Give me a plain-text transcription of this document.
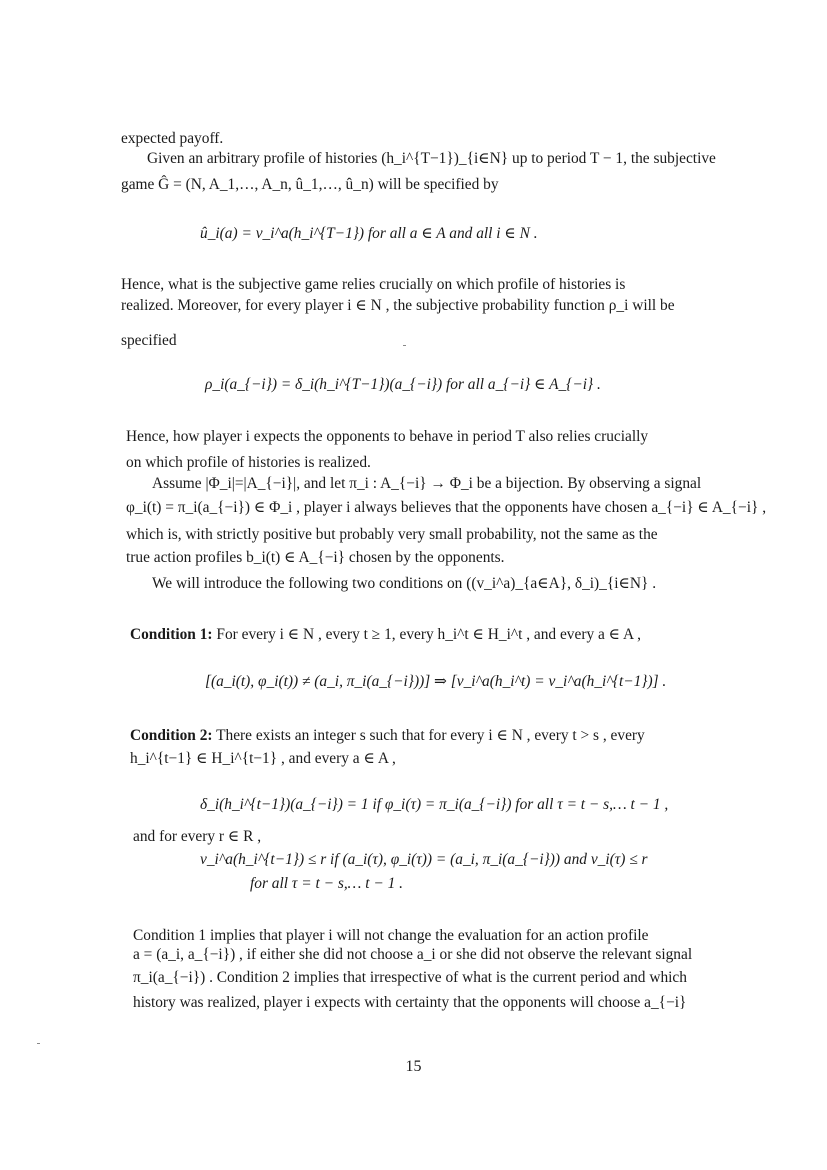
expected payoff.
Given an arbitrary profile of histories (h_i^{T−1})_{i∈N} up to period T − 1, the subjective
game Ĝ = (N, A_1,…, A_n, û_1,…, û_n) will be specified by
û_i(a) = v_i^a(h_i^{T−1}) for all a ∈ A and all i ∈ N .
Hence, what is the subjective game relies crucially on which profile of histories is
realized. Moreover, for every player i ∈ N , the subjective probability function ρ_i will be
specified
ρ_i(a_{−i}) = δ_i(h_i^{T−1})(a_{−i}) for all a_{−i} ∈ A_{−i} .
Hence, how player i expects the opponents to behave in period T also relies crucially
on which profile of histories is realized.
Assume |Φ_i|=|A_{−i}|, and let π_i : A_{−i} → Φ_i be a bijection. By observing a signal
φ_i(t) = π_i(a_{−i}) ∈ Φ_i , player i always believes that the opponents have chosen a_{−i} ∈ A_{−i} ,
which is, with strictly positive but probably very small probability, not the same as the
true action profiles b_i(t) ∈ A_{−i} chosen by the opponents.
We will introduce the following two conditions on ((v_i^a)_{a∈A}, δ_i)_{i∈N} .
Condition 1: For every i ∈ N , every t ≥ 1, every h_i^t ∈ H_i^t , and every a ∈ A ,
[(a_i(t), φ_i(t)) ≠ (a_i, π_i(a_{−i}))] ⇒ [v_i^a(h_i^t) = v_i^a(h_i^{t−1})] .
Condition 2: There exists an integer s such that for every i ∈ N , every t > s , every
h_i^{t−1} ∈ H_i^{t−1} , and every a ∈ A ,
δ_i(h_i^{t−1})(a_{−i}) = 1 if φ_i(τ) = π_i(a_{−i}) for all τ = t − s,… t − 1 ,
and for every r ∈ R ,
v_i^a(h_i^{t−1}) ≤ r if (a_i(τ), φ_i(τ)) = (a_i, π_i(a_{−i})) and v_i(τ) ≤ r
for all τ = t − s,… t − 1 .
Condition 1 implies that player i will not change the evaluation for an action profile
a = (a_i, a_{−i}) , if either she did not choose a_i or she did not observe the relevant signal
π_i(a_{−i}) . Condition 2 implies that irrespective of what is the current period and which
history was realized, player i expects with certainty that the opponents will choose a_{−i}
15
